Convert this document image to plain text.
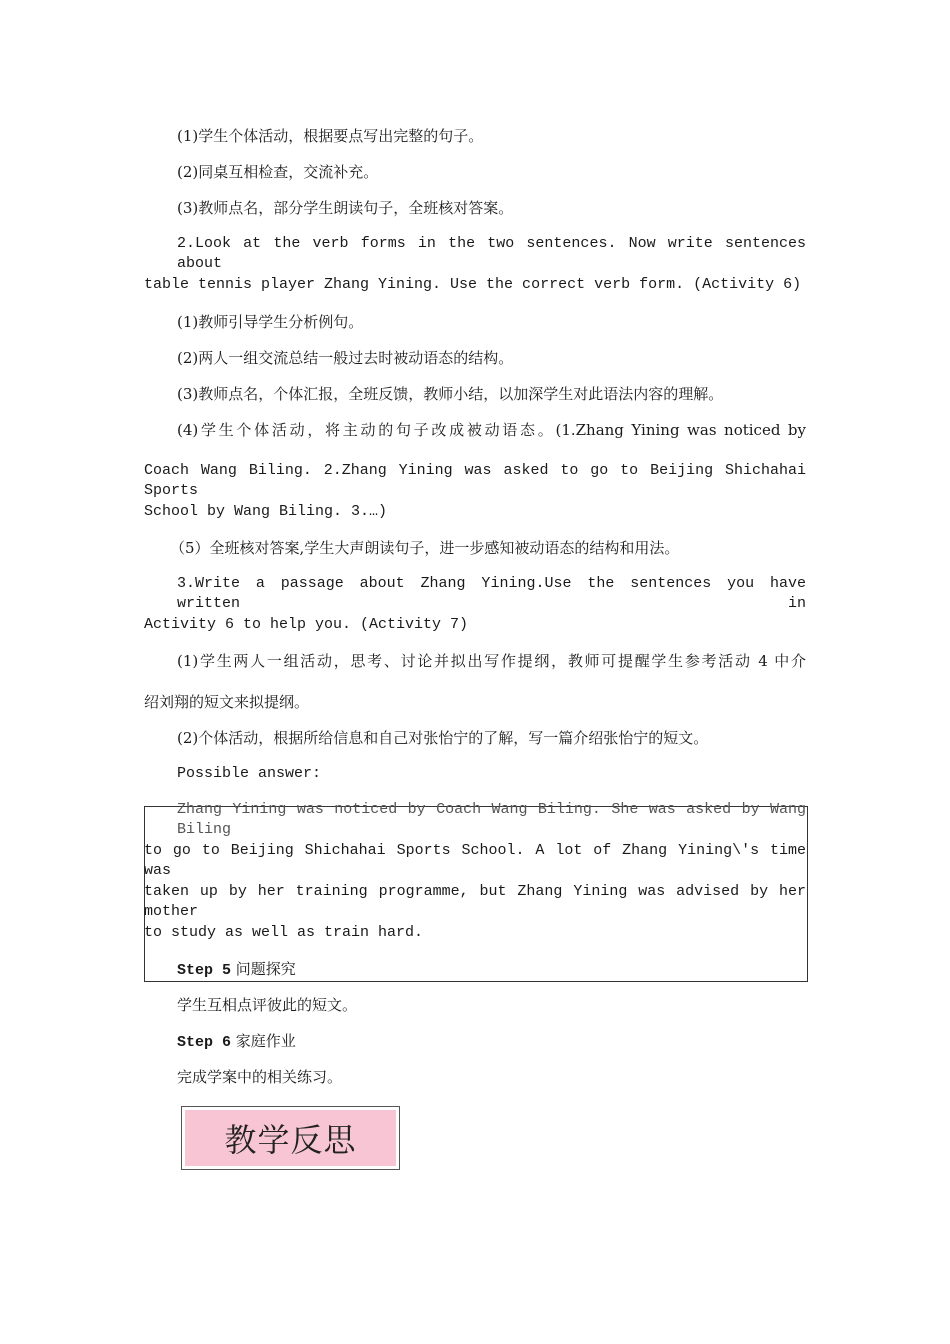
(1)学生个体活动，根据要点写出完整的句子。
(2)同桌互相检查，交流补充。
(3)教师点名，部分学生朗读句子，全班核对答案。
2.Look at the verb forms in the two sentences. Now write sentences about
table tennis player Zhang Yining. Use the correct verb form. (Activity 6)
(1)教师引导学生分析例句。
(2)两人一组交流总结一般过去时被动语态的结构。
(3)教师点名，个体汇报，全班反馈，教师小结，以加深学生对此语法内容的理解。
(4)学生个体活动，将主动的句子改成被动语态。(1.Zhang Yining was noticed by
Coach Wang Biling. 2.Zhang Yining was asked to go to Beijing Shichahai Sports
School by Wang Biling. 3.…)
（5）全班核对答案,学生大声朗读句子，进一步感知被动语态的结构和用法。
3.Write a passage about Zhang Yining.Use the sentences you have written in
Activity 6 to help you. (Activity 7)
(1)学生两人一组活动，思考、讨论并拟出写作提纲，教师可提醒学生参考活动 4 中介
绍刘翔的短文来拟提纲。
(2)个体活动，根据所给信息和自己对张怡宁的了解，写一篇介绍张怡宁的短文。
Possible answer:
Zhang Yining was noticed by Coach Wang Biling. She was asked by Wang Biling
to go to Beijing Shichahai Sports School. A lot of Zhang Yining\'s time was
taken up by her training programme, but Zhang Yining was advised by her mother
to study as well as train hard.
Step 5 问题探究
学生互相点评彼此的短文。
Step 6 家庭作业
完成学案中的相关练习。
教学反思
